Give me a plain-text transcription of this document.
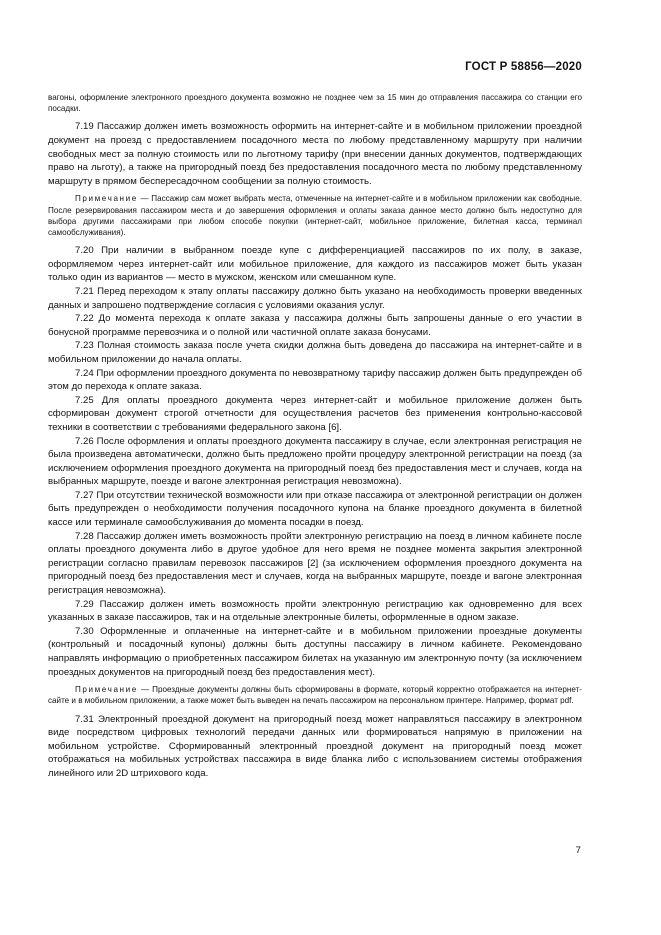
ГОСТ Р 58856—2020

вагоны, оформление электронного проездного документа возможно не позднее чем за 15 мин до отправления пассажира со станции его посадки.

7.19 Пассажир должен иметь возможность оформить на интернет-сайте и в мобильном приложении проездной документ на проезд с предоставлением посадочного места по любому представленному маршруту при наличии свободных мест за полную стоимость или по льготному тарифу (при внесении данных документов, подтверждающих право на льготу), а также на пригородный поезд без предоставления посадочного места по любому представленному маршруту в прямом беспересадочном сообщении за полную стоимость.

Примечание — Пассажир сам может выбрать места, отмеченные на интернет-сайте и в мобильном приложении как свободные. После резервирования пассажиром места и до завершения оформления и оплаты заказа данное место должно быть недоступно для выбора другими пассажирами при любом способе покупки (интернет-сайт, мобильное приложение, билетная касса, терминал самообслуживания).

7.20 При наличии в выбранном поезде купе с дифференциацией пассажиров по их полу, в заказе, оформляемом через интернет-сайт или мобильное приложение, для каждого из пассажиров может быть указан только один из вариантов — место в мужском, женском или смешанном купе.

7.21 Перед переходом к этапу оплаты пассажиру должно быть указано на необходимость проверки введенных данных и запрошено подтверждение согласия с условиями оказания услуг.

7.22 До момента перехода к оплате заказа у пассажира должны быть запрошены данные о его участии в бонусной программе перевозчика и о полной или частичной оплате заказа бонусами.

7.23 Полная стоимость заказа после учета скидки должна быть доведена до пассажира на интернет-сайте и в мобильном приложении до начала оплаты.

7.24 При оформлении проездного документа по невозвратному тарифу пассажир должен быть предупрежден об этом до перехода к оплате заказа.

7.25 Для оплаты проездного документа через интернет-сайт и мобильное приложение должен быть сформирован документ строгой отчетности для осуществления расчетов без применения контрольно-кассовой техники в соответствии с требованиями федерального закона [6].

7.26 После оформления и оплаты проездного документа пассажиру в случае, если электронная регистрация не была произведена автоматически, должно быть предложено пройти процедуру электронной регистрации на поезд (за исключением оформления проездного документа на пригородный поезд без предоставления мест и случаев, когда на выбранных маршруте, поезде и вагоне электронная регистрация невозможна).

7.27 При отсутствии технической возможности или при отказе пассажира от электронной регистрации он должен быть предупрежден о необходимости получения посадочного купона на бланке проездного документа в билетной кассе или терминале самообслуживания до момента посадки в поезд.

7.28 Пассажир должен иметь возможность пройти электронную регистрацию на поезд в личном кабинете после оплаты проездного документа либо в другое удобное для него время не позднее момента закрытия электронной регистрации согласно правилам перевозок пассажиров [2] (за исключением оформления проездного документа на пригородный поезд без предоставления мест и случаев, когда на выбранных маршруте, поезде и вагоне электронная регистрация невозможна).

7.29 Пассажир должен иметь возможность пройти электронную регистрацию как одновременно для всех указанных в заказе пассажиров, так и на отдельные электронные билеты, оформленные в одном заказе.

7.30 Оформленные и оплаченные на интернет-сайте и в мобильном приложении проездные документы (контрольный и посадочный купоны) должны быть доступны пассажиру в личном кабинете. Рекомендовано направлять информацию о приобретенных пассажиром билетах на указанную им электронную почту (за исключением проездных документов на пригородный поезд без предоставления мест).

Примечание — Проездные документы должны быть сформированы в формате, который корректно отображается на интернет-сайте и в мобильном приложении, а также может быть выведен на печать пассажиром на персональном принтере. Например, формат pdf.

7.31 Электронный проездной документ на пригородный поезд может направляться пассажиру в электронном виде посредством цифровых технологий передачи данных или формироваться напрямую в приложении на мобильном устройстве. Сформированный электронный проездной документ на пригородный поезд может отображаться на мобильных устройствах пассажира в виде бланка либо с использованием системы отображения линейного или 2D штрихового кода.

7
